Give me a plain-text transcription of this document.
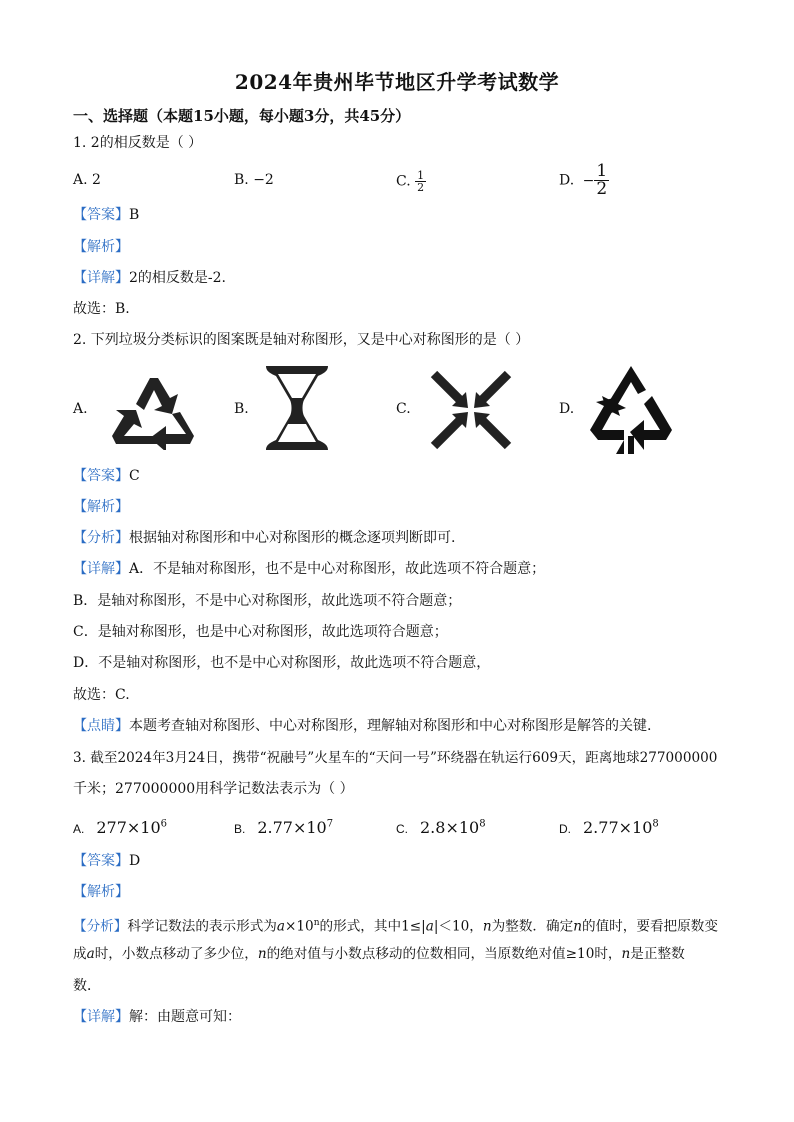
2024年贵州毕节地区升学考试数学
一、选择题（本题15小题，每小题3分，共45分）
1. 2的相反数是（ ）
A. 2	B. −2	C. $\frac{1}{2}$	D. − $\frac{1}{2}$
【答案】B
【解析】
【详解】2的相反数是-2.
故选：B.
2. 下列垃圾分类标识的图案既是轴对称图形，又是中心对称图形的是（ ）
A.	B.	C.	D.
【答案】C
【解析】
【分析】根据轴对称图形和中心对称图形的概念逐项判断即可.
【详解】A．不是轴对称图形，也不是中心对称图形，故此选项不符合题意；
B．是轴对称图形，不是中心对称图形，故此选项不符合题意；
C．是轴对称图形，也是中心对称图形，故此选项符合题意；
D．不是轴对称图形，也不是中心对称图形，故此选项不符合题意，
故选：C.
【点睛】本题考查轴对称图形、中心对称图形，理解轴对称图形和中心对称图形是解答的关键.
3. 截至2024年3月24日，携带“祝融号”火星车的“天问一号”环绕器在轨运行609天，距离地球277000000
千米；277000000用科学记数法表示为（ ）
A. $277\times 10^6$	B. $2.77\times 10^7$	C. $2.8\times 10^8$	D. $2.77\times 10^8$
【答案】D
【解析】
【分析】科学记数法的表示形式为$a\times 10^n$的形式，其中1≤|a|＜10，n为整数．确定n的值时，要看把原数变
成a时，小数点移动了多少位，n的绝对值与小数点移动的位数相同，当原数绝对值≥10时，n是正整数
数．
【详解】解：由题意可知：
